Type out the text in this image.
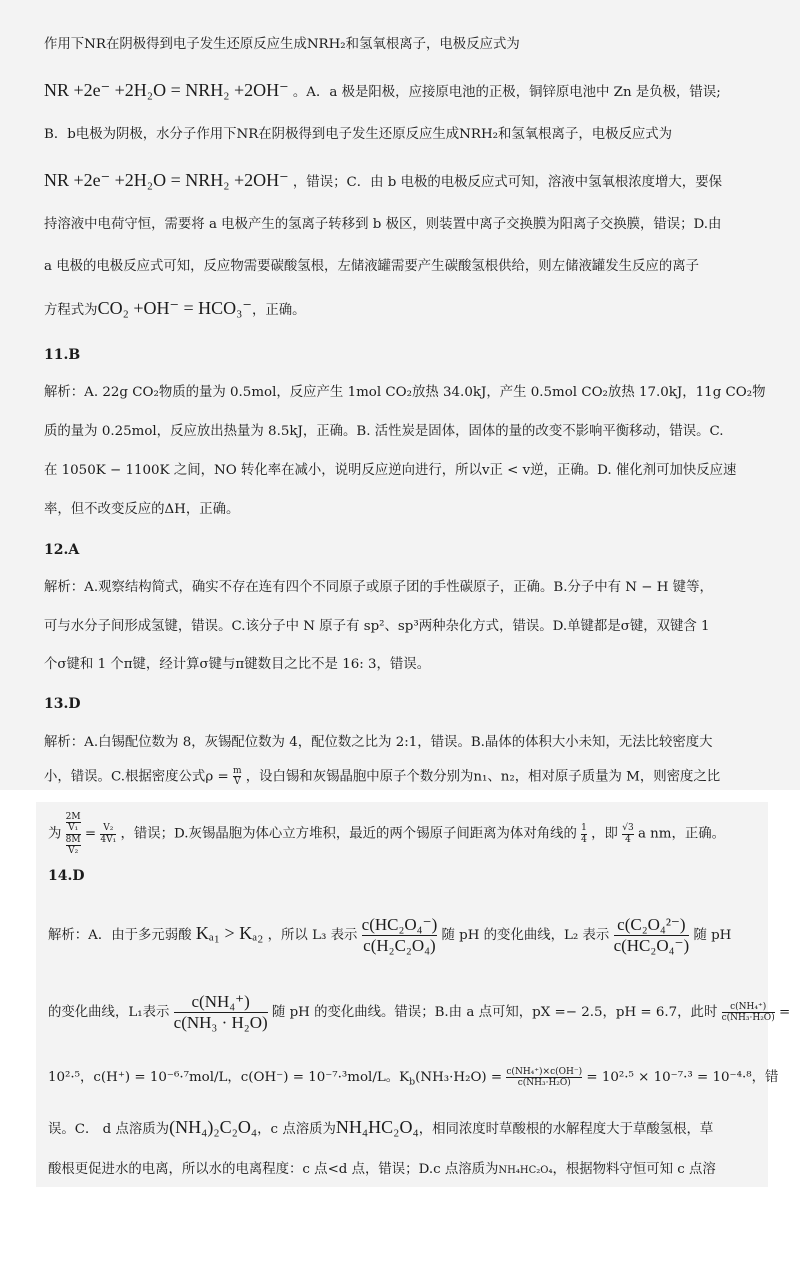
作用下NR在阴极得到电子发生还原反应生成NRH₂和氢氧根离子，电极反应式为
NR +2e⁻ +2H₂O = NRH₂ +2OH⁻ 。A．a 极是阳极，应接原电池的正极，铜锌原电池中 Zn 是负极，错误;
B．b电极为阴极，水分子作用下NR在阴极得到电子发生还原反应生成NRH₂和氢氧根离子，电极反应式为
NR +2e⁻ +2H₂O = NRH₂ +2OH⁻ ，错误；C．由 b 电极的电极反应式可知，溶液中氢氧根浓度增大，要保
持溶液中电荷守恒，需要将 a 电极产生的氢离子转移到 b 极区，则装置中离子交换膜为阳离子交换膜，错误；D.由
a 电极的电极反应式可知，反应物需要碳酸氢根，左储液罐需要产生碳酸氢根供给，则左储液罐发生反应的离子
方程式为CO₂ +OH⁻ = HCO₃⁻，正确。
11.B
解析：A. 22g CO₂物质的量为 0.5mol，反应产生 1mol CO₂放热 34.0kJ，产生 0.5mol CO₂放热 17.0kJ，11g CO₂物
质的量为 0.25mol，反应放出热量为 8.5kJ，正确。B. 活性炭是固体，固体的量的改变不影响平衡移动，错误。C.
在 1050K − 1100K 之间，NO 转化率在减小，说明反应逆向进行，所以v正 < v逆，正确。D. 催化剂可加快反应速
率，但不改变反应的ΔH，正确。
12.A
解析：A.观察结构简式，确实不存在连有四个不同原子或原子团的手性碳原子，正确。B.分子中有 N − H 键等，
可与水分子间形成氢键，错误。C.该分子中 N 原子有 sp²、sp³两种杂化方式，错误。D.单键都是σ键，双键含 1
个σ键和 1 个π键，经计算σ键与π键数目之比不是 16: 3，错误。
13.D
解析：A.白锡配位数为 8，灰锡配位数为 4，配位数之比为 2:1，错误。B.晶体的体积大小未知，无法比较密度大
小，错误。C.根据密度公式$\rho = \frac{m}{V}$ ，设白锡和灰锡晶胞中原子个数分别为n₁、n₂，相对原子质量为 M，则密度之比
为 $\frac{\frac{2M}{\text{V₁}}}{\frac{8M}{\text{V₂}}} = \frac{\text{V₂}}{\text{4V₁}}$ ，错误；D.灰锡晶胞为体心立方堆积，最近的两个锡原子间距离为体对角线的 $\frac{1}{4}$ ，即 $\frac{√3}{4}$ a nm，正确。
14.D
解析：A．由于多元弱酸 Kₐ₁ > Kₐ₂ ，所以 L₃ 表示 $\frac{\text{c(HC₂O₄⁻)}}{\text{c(H₂C₂O₄)}}$ 随 pH 的变化曲线，L₂ 表示 $\frac{\text{c(C₂O₄²⁻)}}{\text{c(HC₂O₄⁻)}}$ 随 pH
的变化曲线，L₁表示 $\frac{\text{c(NH₄⁺)}}{\text{c(NH₃ · H₂O)}}$ 随 pH 的变化曲线。错误；B.由 a 点可知，pX =− 2.5，pH = 6.7，此时 $\frac{\text{c(NH₄⁺)}}{\text{c(NH₃·H₂O)}}$ =
10²·⁵，c(H⁺) = 10⁻⁶·⁷mol/L，c(OH⁻) = 10⁻⁷·³mol/L。$K_b(NH_3\cdot H_2O) = \frac{\text{c(NH₄⁺)×c(OH⁻)}}{\text{c(NH₃·H₂O)}} = 10^2\cdot^5 \times 10^{-7}\cdot^3 = 10^{-4}\cdot^8$，错
误。C． d 点溶质为(NH₄)₂C₂O₄，c 点溶质为NH₄HC₂O₄，相同浓度时草酸根的水解程度大于草酸氢根，草
酸根更促进水的电离，所以水的电离程度：c 点<d 点，错误；D.c 点溶质为NH₄HC₂O₄，根据物料守恒可知 c 点溶
